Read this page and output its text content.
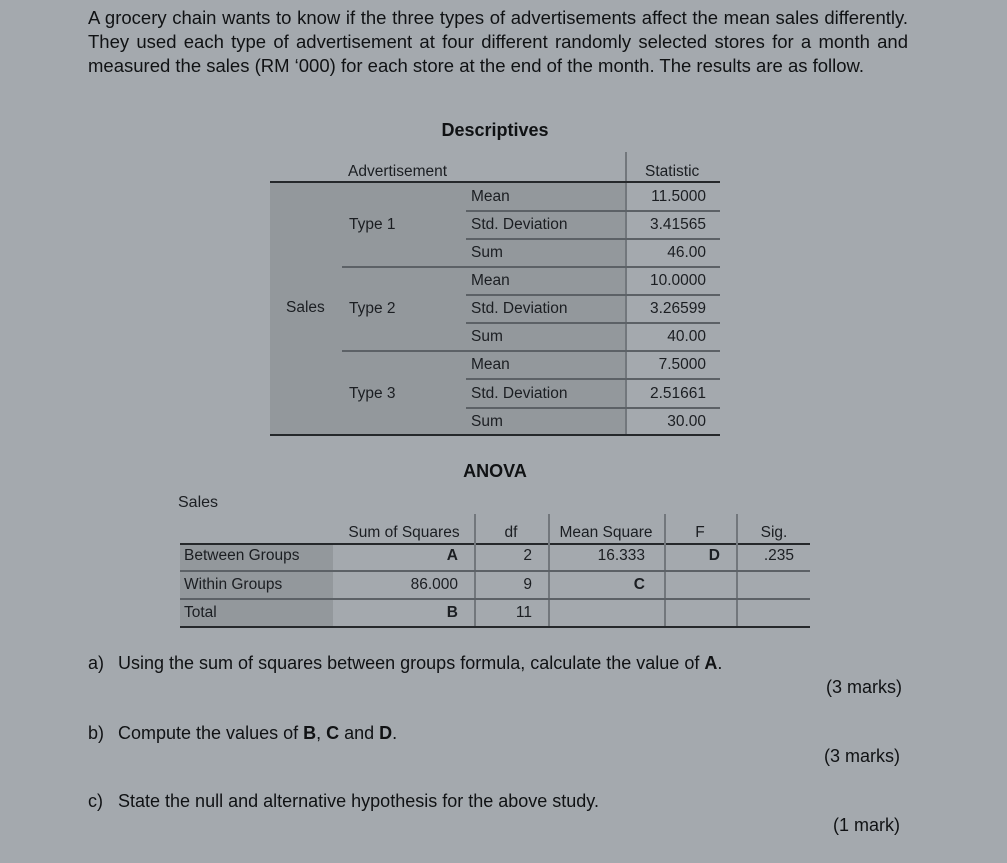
A grocery chain wants to know if the three types of advertisements affect the mean sales differently. They used each type of advertisement at four different randomly selected stores for a month and measured the sales (RM ‘000) for each store at the end of the month. The results are as follow.

Descriptives
Advertisement	Statistic
Sales
Type 1
Mean	11.5000
Std. Deviation	3.41565
Sum	46.00
Type 2
Mean	10.0000
Std. Deviation	3.26599
Sum	40.00
Type 3
Mean	7.5000
Std. Deviation	2.51661
Sum	30.00
ANOVA
Sales
Sum of Squares	df	Mean Square	F	Sig.
Between Groups	A	2	16.333	D	.235
Within Groups	86.000	9	C
Total	B	11
a) Using the sum of squares between groups formula, calculate the value of A.
(3 marks)
b) Compute the values of B, C and D.
(3 marks)
c) State the null and alternative hypothesis for the above study.
(1 mark)
